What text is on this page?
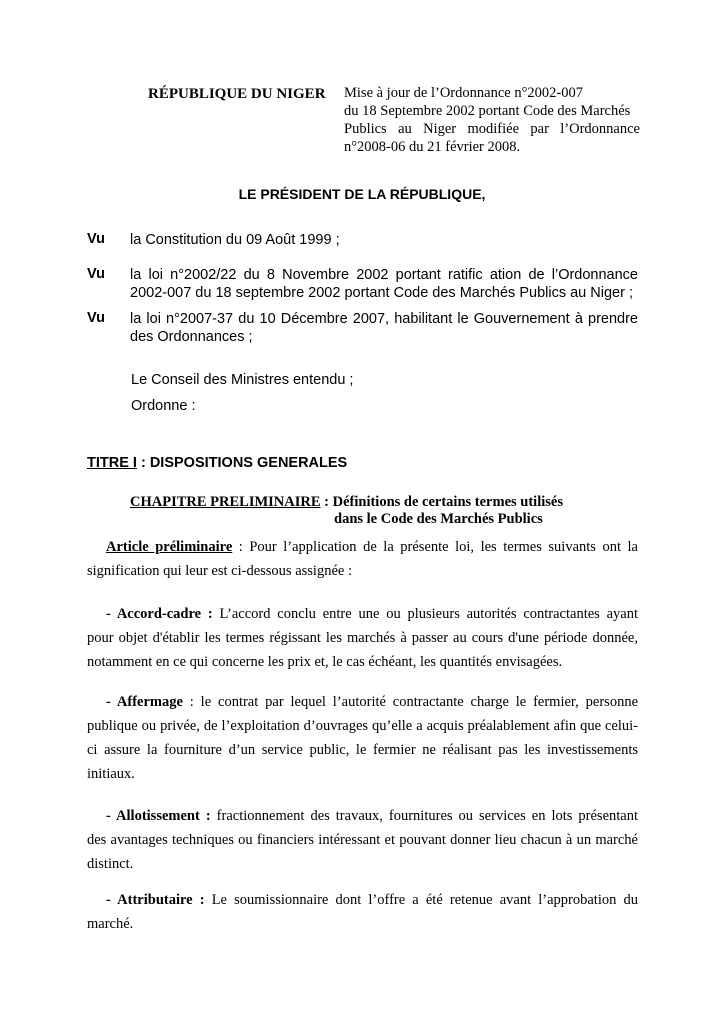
RÉPUBLIQUE DU NIGER Mise à jour de l’Ordonnance n°2002-007
du 18 Septembre 2002 portant Code des Marchés
Publics au Niger modifiée par l’Ordonnance
n°2008-06 du 21 février 2008.
LE PRÉSIDENT DE LA RÉPUBLIQUE,
Vu la Constitution du 09 Août 1999 ;
Vu la loi n°2002/22 du 8 Novembre 2002 portant ratific ation de l’Ordonnance
2002-007 du 18 septembre 2002 portant Code des Marchés Publics au Niger ;
Vu la loi n°2007-37 du 10 Décembre 2007, habilitant le Gouvernement à prendre
des Ordonnances ;
Le Conseil des Ministres entendu ;
Ordonne :
TITRE I : DISPOSITIONS GENERALES
CHAPITRE PRELIMINAIRE : Définitions de certains termes utilisés
dans le Code des Marchés Publics
Article préliminaire : Pour l’application de la présente loi, les termes suivants ont la
signification qui leur est ci-dessous assignée :
- Accord-cadre : L’accord conclu entre une ou plusieurs autorités contractantes ayant
pour objet d'établir les termes régissant les marchés à passer au cours d'une période donnée,
notamment en ce qui concerne les prix et, le cas échéant, les quantités envisagées.
- Affermage : le contrat par lequel l’autorité contractante charge le fermier, personne
publique ou privée, de l’exploitation d’ouvrages qu’elle a acquis préalablement afin que celui-
ci assure la fourniture d’un service public, le fermier ne réalisant pas les investissements
initiaux.
- Allotissement : fractionnement des travaux, fournitures ou services en lots présentant
des avantages techniques ou financiers intéressant et pouvant donner lieu chacun à un marché
distinct.
- Attributaire : Le soumissionnaire dont l’offre a été retenue avant l’approbation du
marché.
